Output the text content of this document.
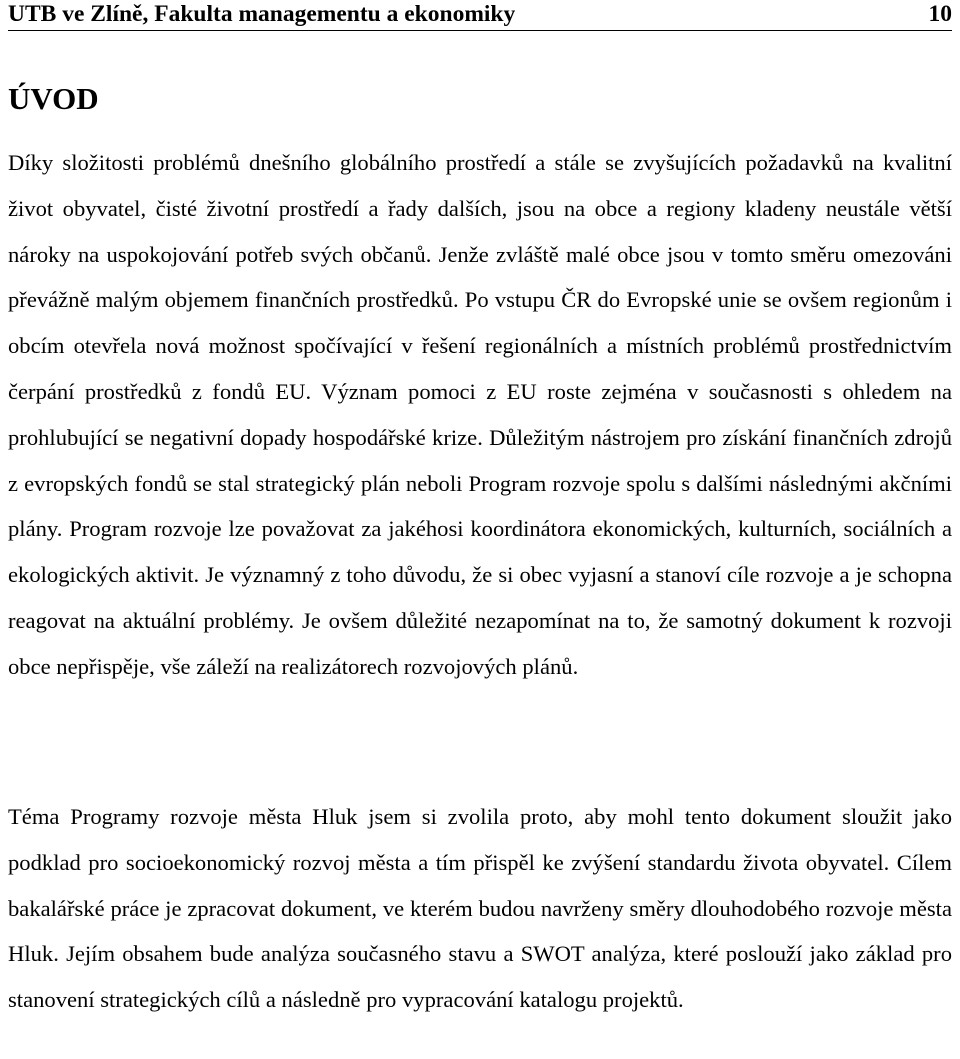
UTB ve Zlíně, Fakulta managementu a ekonomiky	10
ÚVOD

Díky složitosti problémů dnešního globálního prostředí a stále se zvyšujících požadavků na kvalitní život obyvatel, čisté životní prostředí a řady dalších, jsou na obce a regiony kladeny neustále větší nároky na uspokojování potřeb svých občanů. Jenže zvláště malé obce jsou v tomto směru omezováni převážně malým objemem finančních prostředků. Po vstupu ČR do Evropské unie se ovšem regionům i obcím otevřela nová možnost spočívající v řešení regionálních a místních problémů prostřednictvím čerpání prostředků z fondů EU. Význam pomoci z EU roste zejména v současnosti s ohledem na prohlubující se negativní dopady hospodářské krize. Důležitým nástrojem pro získání finančních zdrojů z evropských fondů se stal strategický plán neboli Program rozvoje spolu s dalšími následnými akčními plány. Program rozvoje lze považovat za jakéhosi koordinátora ekonomických, kulturních, sociálních a ekologických aktivit. Je významný z toho důvodu, že si obec vyjasní a stanoví cíle rozvoje a je schopna reagovat na aktuální problémy. Je ovšem důležité nezapomínat na to, že samotný dokument k rozvoji obce nepřispěje, vše záleží na realizátorech rozvojových plánů.

Téma Programy rozvoje města Hluk jsem si zvolila proto, aby mohl tento dokument sloužit jako podklad pro socioekonomický rozvoj města a tím přispěl ke zvýšení standardu života obyvatel. Cílem bakalářské práce je zpracovat dokument, ve kterém budou navrženy směry dlouhodobého rozvoje města Hluk. Jejím obsahem bude analýza současného stavu a SWOT analýza, které poslouží jako základ pro stanovení strategických cílů a následně pro vypracování katalogu projektů.
